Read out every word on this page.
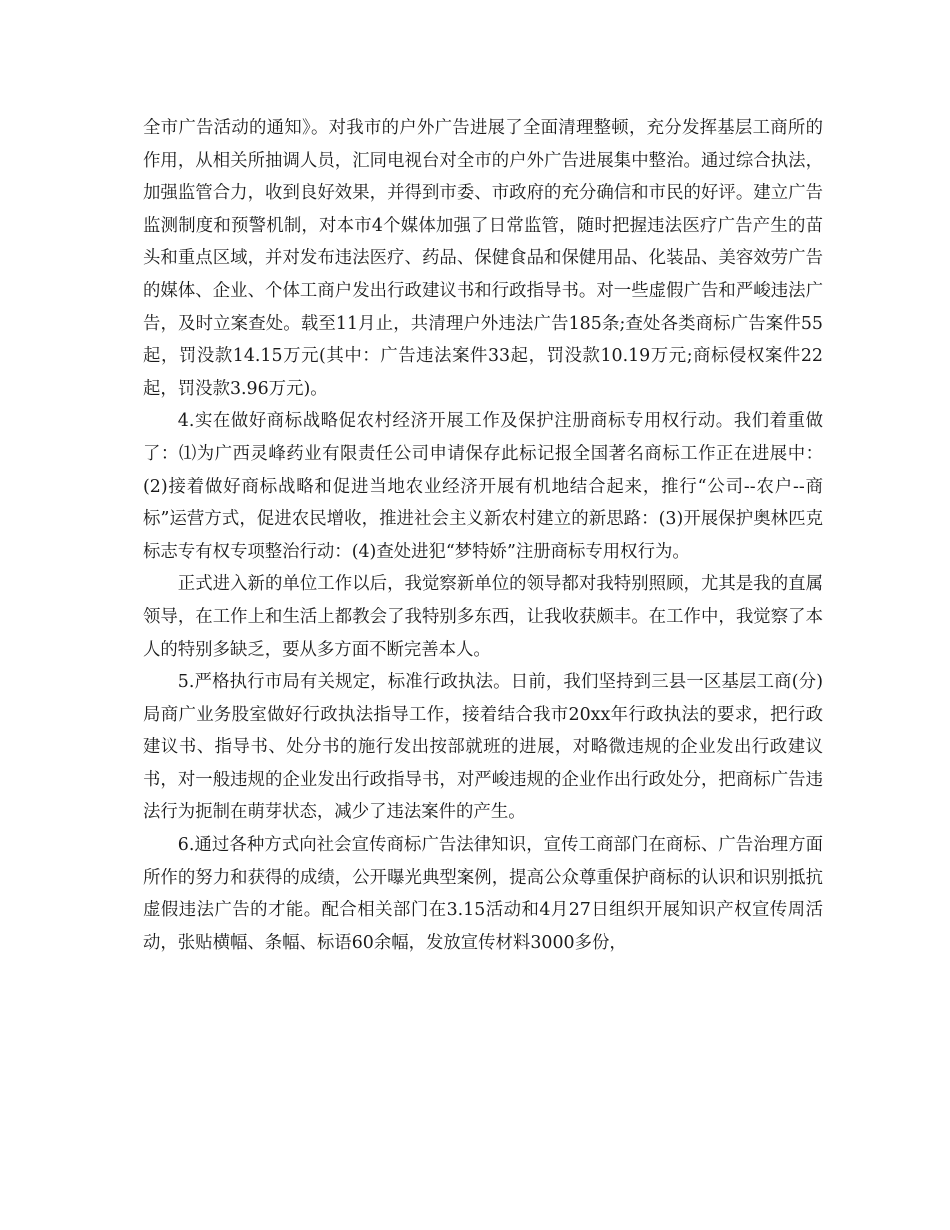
全市广告活动的通知》。对我市的户外广告进展了全面清理整顿，充分发挥基层工商所的作用，从相关所抽调人员，汇同电视台对全市的户外广告进展集中整治。通过综合执法，加强监管合力，收到良好效果，并得到市委、市政府的充分确信和市民的好评。建立广告监测制度和预警机制，对本市4个媒体加强了日常监管，随时把握违法医疗广告产生的苗头和重点区域，并对发布违法医疗、药品、保健食品和保健用品、化装品、美容效劳广告的媒体、企业、个体工商户发出行政建议书和行政指导书。对一些虚假广告和严峻违法广告，及时立案查处。载至11月止，共清理户外违法广告185条;查处各类商标广告案件55起，罚没款14.15万元(其中：广告违法案件33起，罚没款10.19万元;商标侵权案件22起，罚没款3.96万元)。

4.实在做好商标战略促农村经济开展工作及保护注册商标专用权行动。我们着重做了：⑴为广西灵峰药业有限责任公司申请保存此标记报全国著名商标工作正在进展中：(2)接着做好商标战略和促进当地农业经济开展有机地结合起来，推行“公司--农户--商标”运营方式，促进农民增收，推进社会主义新农村建立的新思路：(3)开展保护奥林匹克标志专有权专项整治行动：(4)查处进犯“梦特娇”注册商标专用权行为。

正式进入新的单位工作以后，我觉察新单位的领导都对我特别照顾，尤其是我的直属领导，在工作上和生活上都教会了我特别多东西，让我收获颇丰。在工作中，我觉察了本人的特别多缺乏，要从多方面不断完善本人。

5.严格执行市局有关规定，标准行政执法。日前，我们坚持到三县一区基层工商(分)局商广业务股室做好行政执法指导工作，接着结合我市20xx年行政执法的要求，把行政建议书、指导书、处分书的施行发出按部就班的进展，对略微违规的企业发出行政建议书，对一般违规的企业发出行政指导书，对严峻违规的企业作出行政处分，把商标广告违法行为扼制在萌芽状态，减少了违法案件的产生。

6.通过各种方式向社会宣传商标广告法律知识，宣传工商部门在商标、广告治理方面所作的努力和获得的成绩，公开曝光典型案例，提高公众尊重保护商标的认识和识别抵抗虚假违法广告的才能。配合相关部门在3.15活动和4月27日组织开展知识产权宣传周活动，张贴横幅、条幅、标语60余幅，发放宣传材料3000多份，
